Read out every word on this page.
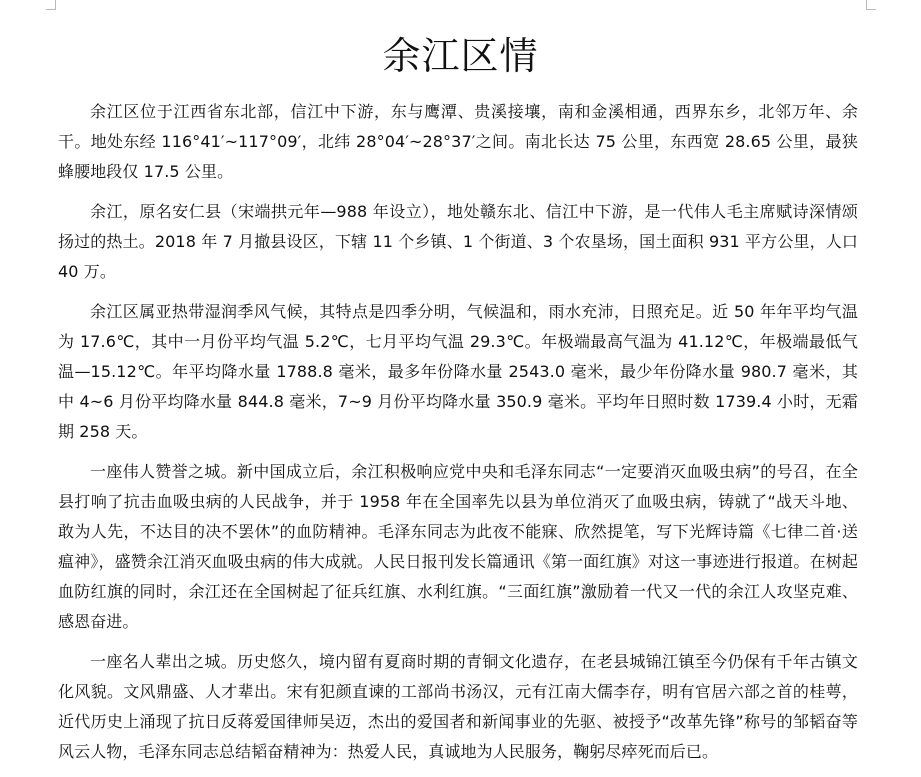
余江区情

余江区位于江西省东北部，信江中下游，东与鹰潭、贵溪接壤，南和金溪相通，西界东乡，北邻万年、余干。地处东经 116°41′~117°09′，北纬 28°04′~28°37′之间。南北长达 75 公里，东西宽 28.65 公里，最狭蜂腰地段仅 17.5 公里。

余江，原名安仁县（宋端拱元年—988 年设立），地处赣东北、信江中下游，是一代伟人毛主席赋诗深情颂扬过的热土。2018 年 7 月撤县设区，下辖 11 个乡镇、1 个街道、3 个农垦场，国土面积 931 平方公里，人口 40 万。

余江区属亚热带湿润季风气候，其特点是四季分明，气候温和，雨水充沛，日照充足。近 50 年年平均气温为 17.6℃，其中一月份平均气温 5.2℃，七月平均气温 29.3℃。年极端最高气温为 41.12℃，年极端最低气温—15.12℃。年平均降水量 1788.8 毫米，最多年份降水量 2543.0 毫米，最少年份降水量 980.7 毫米，其中 4~6 月份平均降水量 844.8 毫米，7~9 月份平均降水量 350.9 毫米。平均年日照时数 1739.4 小时，无霜期 258 天。

一座伟人赞誉之城。新中国成立后，余江积极响应党中央和毛泽东同志“一定要消灭血吸虫病”的号召，在全县打响了抗击血吸虫病的人民战争，并于 1958 年在全国率先以县为单位消灭了血吸虫病，铸就了“战天斗地、敢为人先，不达目的决不罢休”的血防精神。毛泽东同志为此夜不能寐、欣然提笔，写下光辉诗篇《七律二首·送瘟神》，盛赞余江消灭血吸虫病的伟大成就。人民日报刊发长篇通讯《第一面红旗》对这一事迹进行报道。在树起血防红旗的同时，余江还在全国树起了征兵红旗、水利红旗。“三面红旗”激励着一代又一代的余江人攻坚克难、感恩奋进。

一座名人辈出之城。历史悠久，境内留有夏商时期的青铜文化遗存，在老县城锦江镇至今仍保有千年古镇文化风貌。文风鼎盛、人才辈出。宋有犯颜直谏的工部尚书汤汉，元有江南大儒李存，明有官居六部之首的桂萼，近代历史上涌现了抗日反蒋爱国律师吴迈，杰出的爱国者和新闻事业的先驱、被授予“改革先锋”称号的邹韬奋等风云人物，毛泽东同志总结韬奋精神为：热爱人民，真诚地为人民服务，鞠躬尽瘁死而后已。
